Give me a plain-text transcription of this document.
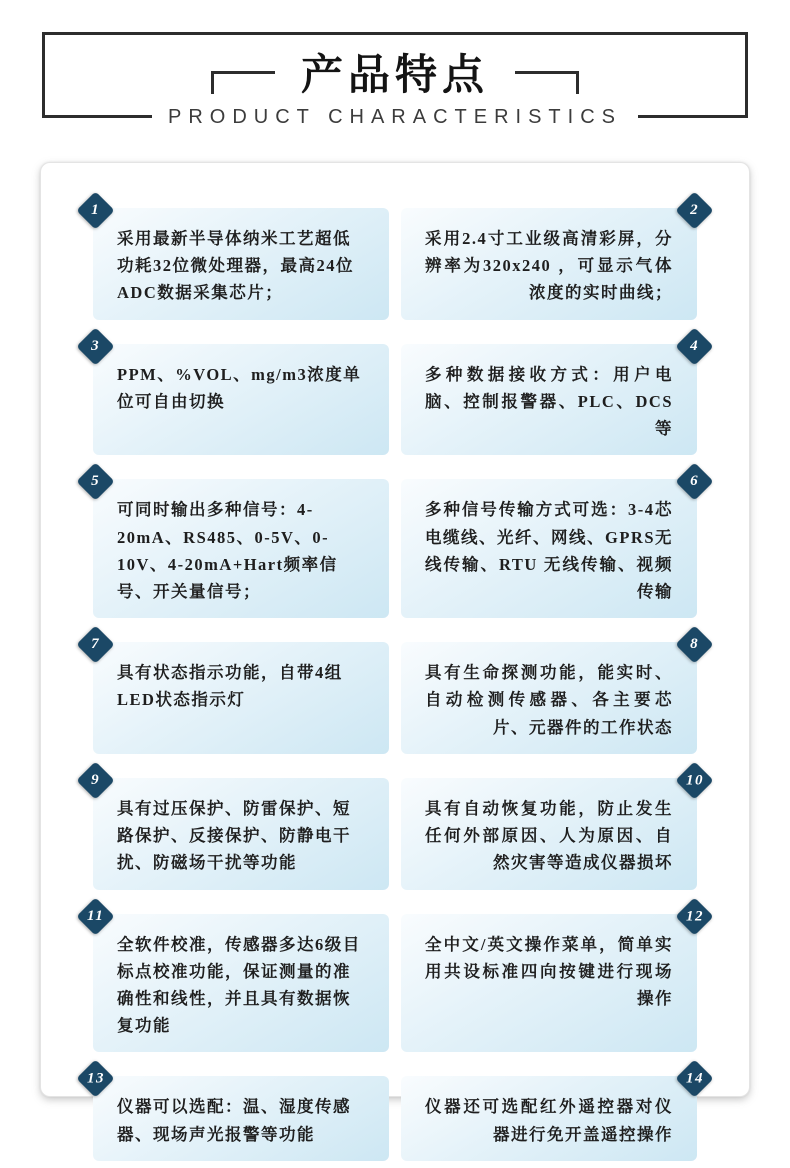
产品特点
PRODUCT CHARACTERISTICS
1
采用最新半导体纳米工艺超低功耗32位微处理器，最高24位ADC数据采集芯片；
2
采用2.4寸工业级高清彩屏，分辨率为320x240 ，可显示气体浓度的实时曲线；
3
PPM、%VOL、mg/m3浓度单位可自由切换
4
多种数据接收方式：用户电脑、控制报警器、PLC、DCS等
5
可同时输出多种信号：4-20mA、RS485、0-5V、0-10V、4-20mA+Hart频率信号、开关量信号；
6
多种信号传输方式可选：3-4芯电缆线、光纤、网线、GPRS无线传输、RTU 无线传输、视频传输
7
具有状态指示功能，自带4组LED状态指示灯
8
具有生命探测功能，能实时、自动检测传感器、各主要芯片、元器件的工作状态
9
具有过压保护、防雷保护、短路保护、反接保护、防静电干扰、防磁场干扰等功能
10
具有自动恢复功能，防止发生任何外部原因、人为原因、自然灾害等造成仪器损坏
11
全软件校准，传感器多达6级目标点校准功能，保证测量的准确性和线性，并且具有数据恢复功能
12
全中文/英文操作菜单，简单实用共设标准四向按键进行现场操作
13
仪器可以选配：温、湿度传感器、现场声光报警等功能
14
仪器还可选配红外遥控器对仪器进行免开盖遥控操作
